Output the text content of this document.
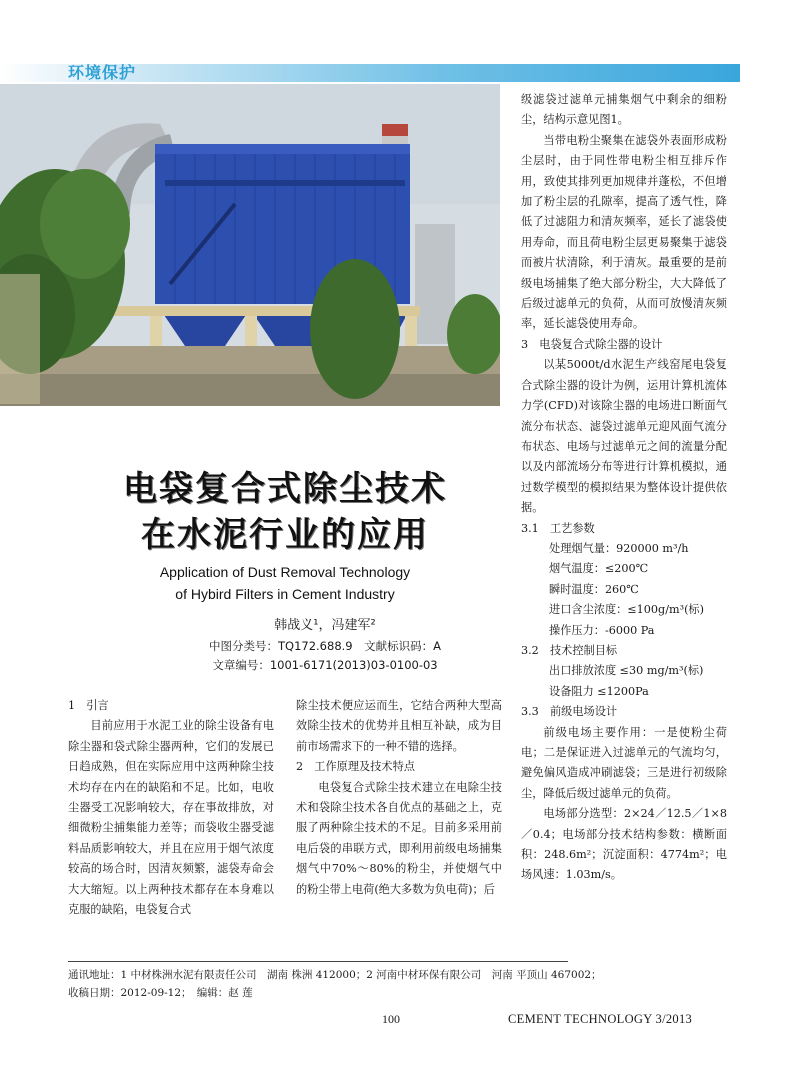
环境保护
电袋复合式除尘技术
在水泥行业的应用
Application of Dust Removal Technology
of Hybird Filters in Cement Industry
韩战义¹，冯建军²
中图分类号：TQ172.688.9　文献标识码：A
文章编号：1001-6171(2013)03-0100-03

1　引言

目前应用于水泥工业的除尘设备有电除尘器和袋式除尘器两种，它们的发展已日趋成熟，但在实际应用中这两种除尘技术均存在内在的缺陷和不足。比如，电收尘器受工况影响较大，存在事故排放，对细微粉尘捕集能力差等；而袋收尘器受滤料品质影响较大，并且在应用于烟气浓度较高的场合时，因清灰频繁，滤袋寿命会大大缩短。以上两种技术都存在本身难以克服的缺陷，电袋复合式

除尘技术便应运而生，它结合两种大型高效除尘技术的优势并且相互补缺，成为目前市场需求下的一种不错的选择。

2　工作原理及技术特点

电袋复合式除尘技术建立在电除尘技术和袋除尘技术各自优点的基础之上，克服了两种除尘技术的不足。目前多采用前电后袋的串联方式，即利用前级电场捕集烟气中70%～80%的粉尘，并使烟气中的粉尘带上电荷(绝大多数为负电荷)；后

级滤袋过滤单元捕集烟气中剩余的细粉尘，结构示意见图1。

当带电粉尘聚集在滤袋外表面形成粉尘层时，由于同性带电粉尘相互排斥作用，致使其排列更加规律并蓬松，不但增加了粉尘层的孔隙率，提高了透气性，降低了过滤阻力和清灰频率，延长了滤袋使用寿命，而且荷电粉尘层更易聚集于滤袋而被片状清除，利于清灰。最重要的是前级电场捕集了绝大部分粉尘，大大降低了后级过滤单元的负荷，从而可放慢清灰频率，延长滤袋使用寿命。

3　电袋复合式除尘器的设计

以某5000t/d水泥生产线窑尾电袋复合式除尘器的设计为例，运用计算机流体力学(CFD)对该除尘器的电场进口断面气流分布状态、滤袋过滤单元迎风面气流分布状态、电场与过滤单元之间的流量分配以及内部流场分布等进行计算机模拟，通过数学模型的模拟结果为整体设计提供依据。

3.1　工艺参数

处理烟气量：920000 m³/h

烟气温度：≤200℃

瞬时温度：260℃

进口含尘浓度：≤100g/m³(标)

操作压力：-6000 Pa

3.2　技术控制目标

出口排放浓度 ≤30 mg/m³(标)

设备阻力 ≤1200Pa

3.3　前级电场设计

前级电场主要作用：一是使粉尘荷电；二是保证进入过滤单元的气流均匀，避免偏风造成冲刷滤袋；三是进行初级除尘，降低后级过滤单元的负荷。

电场部分选型：2×24／12.5／1×8／0.4；电场部分技术结构参数：横断面积：248.6m²；沉淀面积：4774m²；电场风速：1.03m/s。

通讯地址：1 中材株洲水泥有限责任公司　湖南 株洲 412000；2 河南中材环保有限公司　河南 平顶山 467002；
收稿日期：2012-09-12；　编辑：赵 莲
100	CEMENT TECHNOLOGY 3/2013
